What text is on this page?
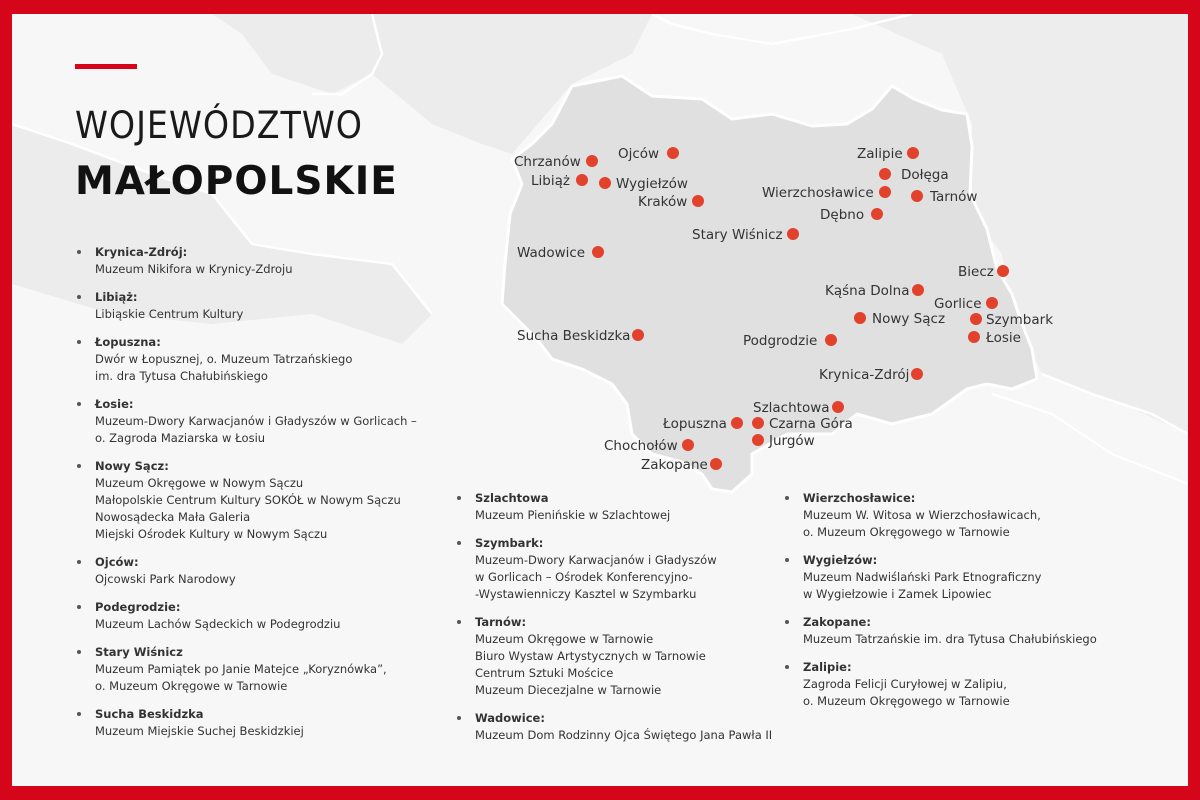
WOJEWÓDZTWO
MAŁOPOLSKIE	Chrzanów	Ojców
Libiąż	Wygiełzów
Kraków
Zalipie
Dołęga
Wierzchosławice	Tarnów
Dębno
Stary Wiśnicz
Wadowice
Biecz
Kąśna Dolna
Gorlice
Nowy Sącz	Szymbark
Łosie
Sucha Beskidzka	Podgrodzie
Krynica-Zdrój
Szlachtowa
Łopuszna	Czarna Góra
Jurgów
Chochołów
Zakopane
Krynica-Zdrój:
Muzeum Nikifora w Krynicy-Zdroju
Libiąż:
Libiąskie Centrum Kultury
Łopuszna:
Dwór w Łopusznej, o. Muzeum Tatrzańskiego
im. dra Tytusa Chałubińskiego
Łosie:
Muzeum-Dwory Karwacjanów i Gładyszów w Gorlicach –
o. Zagroda Maziarska w Łosiu
Nowy Sącz:
Muzeum Okręgowe w Nowym Sączu
Małopolskie Centrum Kultury SOKÓŁ w Nowym Sączu
Nowosądecka Mała Galeria
Miejski Ośrodek Kultury w Nowym Sączu
Ojców:
Ojcowski Park Narodowy
Podegrodzie:
Muzeum Lachów Sądeckich w Podegrodziu
Stary Wiśnicz
Muzeum Pamiątek po Janie Matejce „Koryznówka”,
o. Muzeum Okręgowe w Tarnowie
Sucha Beskidzka
Muzeum Miejskie Suchej Beskidzkiej
Szlachtowa
Muzeum Pienińskie w Szlachtowej
Szymbark:
Muzeum-Dwory Karwacjanów i Gładyszów
w Gorlicach – Ośrodek Konferencyjno-
-Wystawienniczy Kasztel w Szymbarku
Tarnów:
Muzeum Okręgowe w Tarnowie
Biuro Wystaw Artystycznych w Tarnowie
Centrum Sztuki Mościce
Muzeum Diecezjalne w Tarnowie
Wadowice:
Muzeum Dom Rodzinny Ojca Świętego Jana Pawła II
Wierzchosławice:
Muzeum W. Witosa w Wierzchosławicach,
o. Muzeum Okręgowego w Tarnowie
Wygiełzów:
Muzeum Nadwiślański Park Etnograficzny
w Wygiełzowie i Zamek Lipowiec
Zakopane:
Muzeum Tatrzańskie im. dra Tytusa Chałubińskiego
Zalipie:
Zagroda Felicji Curyłowej w Zalipiu,
o. Muzeum Okręgowego w Tarnowie
